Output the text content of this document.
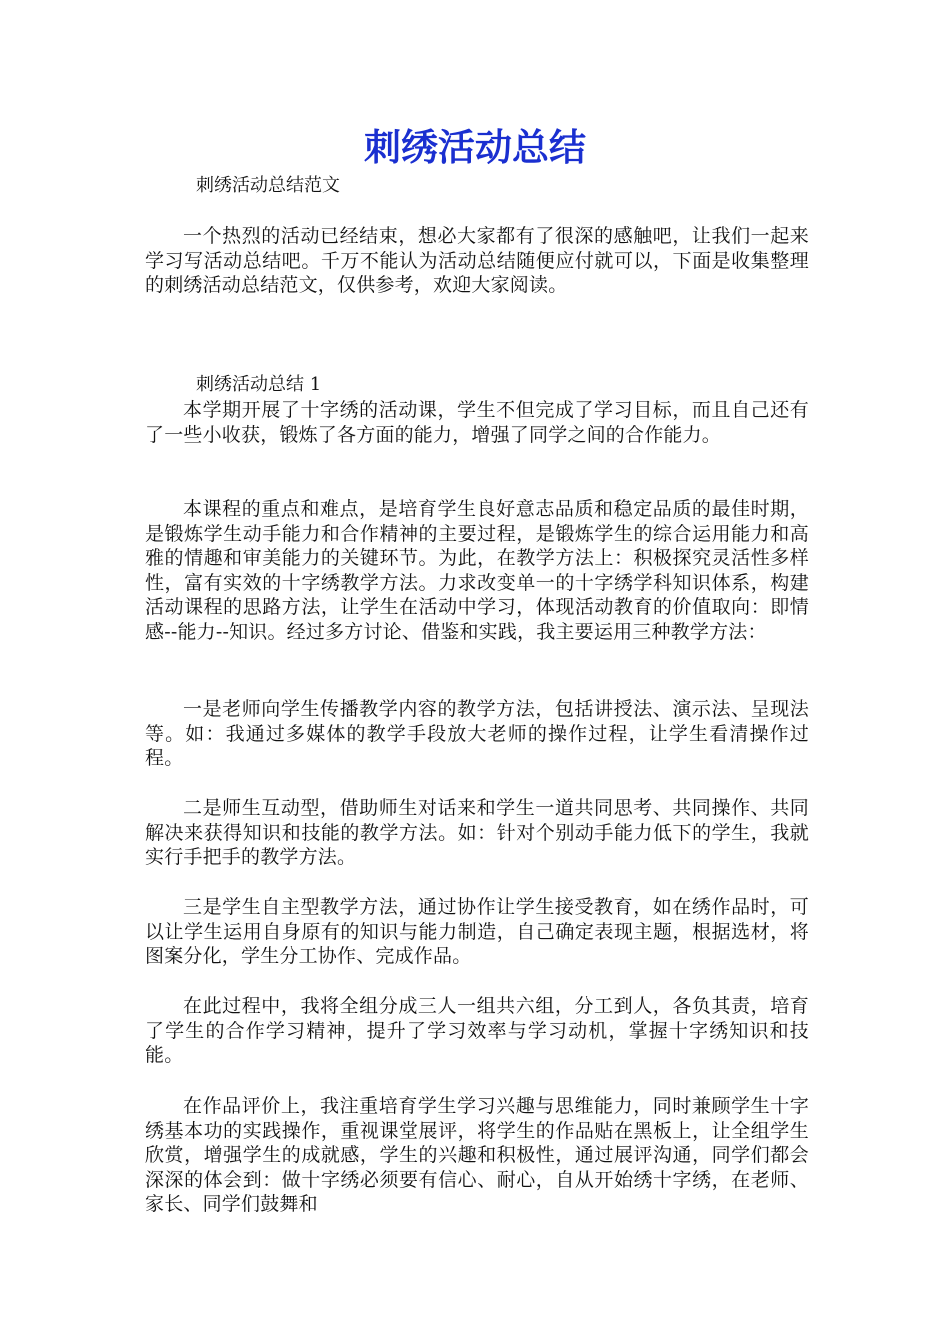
刺绣活动总结
刺绣活动总结范文

一个热烈的活动已经结束，想必大家都有了很深的感触吧，让我们一起来学习写活动总结吧。千万不能认为活动总结随便应付就可以，下面是收集整理的刺绣活动总结范文，仅供参考，欢迎大家阅读。

刺绣活动总结 1

本学期开展了十字绣的活动课，学生不但完成了学习目标，而且自己还有了一些小收获，锻炼了各方面的能力，增强了同学之间的合作能力。

本课程的重点和难点，是培育学生良好意志品质和稳定品质的最佳时期，是锻炼学生动手能力和合作精神的主要过程，是锻炼学生的综合运用能力和高雅的情趣和审美能力的关键环节。为此，在教学方法上：积极探究灵活性多样性，富有实效的十字绣教学方法。力求改变单一的十字绣学科知识体系，构建活动课程的思路方法，让学生在活动中学习，体现活动教育的价值取向：即情感--能力--知识。经过多方讨论、借鉴和实践，我主要运用三种教学方法：

一是老师向学生传播教学内容的教学方法，包括讲授法、演示法、呈现法等。如：我通过多媒体的教学手段放大老师的操作过程，让学生看清操作过程。

二是师生互动型，借助师生对话来和学生一道共同思考、共同操作、共同解决来获得知识和技能的教学方法。如：针对个别动手能力低下的学生，我就实行手把手的教学方法。

三是学生自主型教学方法，通过协作让学生接受教育，如在绣作品时，可以让学生运用自身原有的知识与能力制造，自己确定表现主题，根据选材，将图案分化，学生分工协作、完成作品。

在此过程中，我将全组分成三人一组共六组，分工到人，各负其责，培育了学生的合作学习精神，提升了学习效率与学习动机，掌握十字绣知识和技能。

在作品评价上，我注重培育学生学习兴趣与思维能力，同时兼顾学生十字绣基本功的实践操作，重视课堂展评，将学生的作品贴在黑板上，让全组学生欣赏，增强学生的成就感，学生的兴趣和积极性，通过展评沟通，同学们都会深深的体会到：做十字绣必须要有信心、耐心，自从开始绣十字绣，在老师、家长、同学们鼓舞和
